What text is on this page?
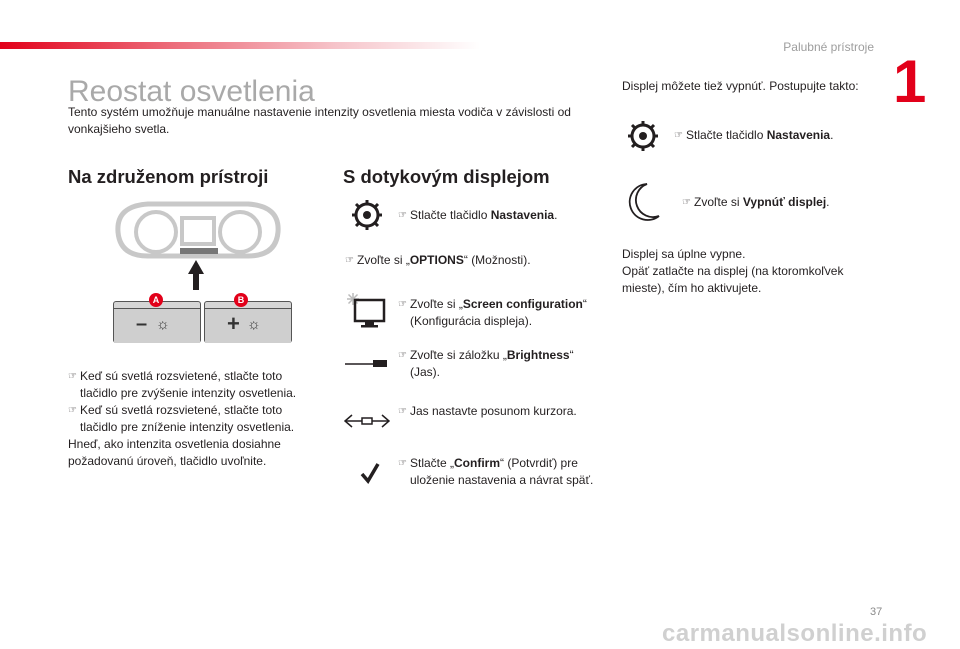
Palubné prístroje
1
Reostat osvetlenia
Tento systém umožňuje manuálne nastavenie intenzity osvetlenia miesta vodiča v závislosti od vonkajšieho svetla.
Na združenom prístroji
– ☼
A
+ ☼
B
☞ Keď sú svetlá rozsvietené, stlačte toto tlačidlo pre zvýšenie intenzity osvetlenia.
☞ Keď sú svetlá rozsvietené, stlačte toto tlačidlo pre zníženie intenzity osvetlenia.
Hneď, ako intenzita osvetlenia dosiahne požadovanú úroveň, tlačidlo uvoľnite.
S dotykovým displejom
☞ Stlačte tlačidlo Nastavenia.
☞ Zvoľte si „OPTIONS“ (Možnosti).
☞ Zvoľte si „Screen configuration“ (Konfigurácia displeja).
☞ Zvoľte si záložku „Brightness“ (Jas).
☞ Jas nastavte posunom kurzora.
☞ Stlačte „Confirm“ (Potvrdiť) pre uloženie nastavenia a návrat späť.
Displej môžete tiež vypnúť. Postupujte takto:
☞ Stlačte tlačidlo Nastavenia.
☞ Zvoľte si Vypnúť displej.
Displej sa úplne vypne.
Opäť zatlačte na displej (na ktoromkoľvek mieste), čím ho aktivujete.
37
carmanualsonline.info
